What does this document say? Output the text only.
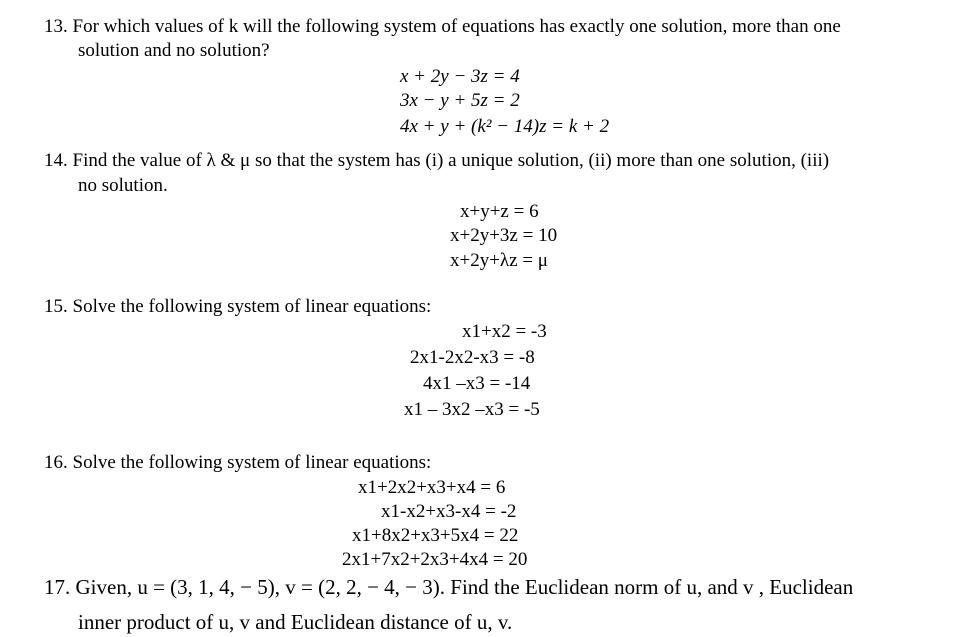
13. For which values of k will the following system of equations has exactly one solution, more than one
solution and no solution?
x + 2y − 3z = 4
3x − y + 5z = 2
4x + y + (k² − 14)z = k + 2
14. Find the value of λ & μ so that the system has (i) a unique solution, (ii) more than one solution, (iii)
no solution.
x+y+z = 6
x+2y+3z = 10
x+2y+λz = μ
15. Solve the following system of linear equations:
x1+x2 = -3
2x1-2x2-x3 = -8
4x1 –x3 = -14
x1 – 3x2 –x3 = -5
16. Solve the following system of linear equations:
x1+2x2+x3+x4 = 6
x1-x2+x3-x4 = -2
x1+8x2+x3+5x4 = 22
2x1+7x2+2x3+4x4 = 20
17. Given, u = (3, 1, 4, − 5), v = (2, 2, − 4, − 3). Find the Euclidean norm of u, and v , Euclidean
inner product of u, v and Euclidean distance of u, v.
